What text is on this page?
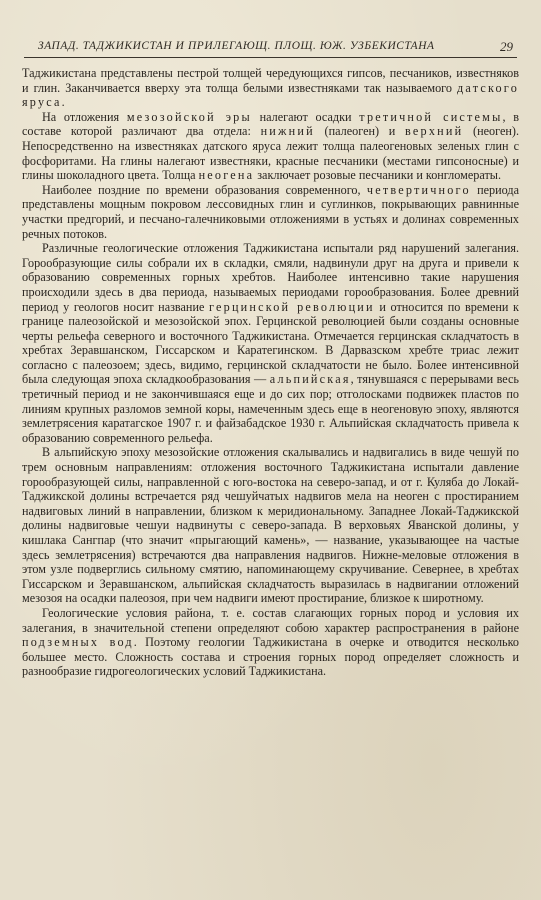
ЗАПАД. ТАДЖИКИСТАН И ПРИЛЕГАЮЩ. ПЛОЩ. ЮЖ. УЗБЕКИСТАНА	29

Таджикистана представлены пестрой толщей чередующихся гипсов, песчаников, известняков и глин. Заканчивается вверху эта толща белыми известняками так называемого датского яруса.

На отложения мезозойской эры налегают осадки третичной системы, в составе которой различают два отдела: нижний (палеоген) и верхний (неоген). Непосредственно на известняках датского яруса лежит толща палеогеновых зеленых глин с фосфоритами. На глины налегают известняки, красные песчаники (местами гипсоносные) и глины шоколадного цвета. Толща неогена заключает розовые песчаники и конгломераты.

Наиболее поздние по времени образования современного, четвертичного периода представлены мощным покровом лессовидных глин и суглинков, покрывающих равнинные участки предгорий, и песчано-галечниковыми отложениями в устьях и долинах современных речных потоков.

Различные геологические отложения Таджикистана испытали ряд нарушений залегания. Горообразующие силы собрали их в складки, смяли, надвинули друг на друга и привели к образованию современных горных хребтов. Наиболее интенсивно такие нарушения происходили здесь в два периода, называемых периодами горообразования. Более древний период у геологов носит название герцинской революции и относится по времени к границе палеозойской и мезозойской эпох. Герцинской революцией были созданы основные черты рельефа северного и восточного Таджикистана. Отмечается герцинская складчатость в хребтах Зеравшанском, Гиссарском и Каратегинском. В Дарвазском хребте триас лежит согласно с палеозоем; здесь, видимо, герцинской складчатости не было. Более интенсивной была следующая эпоха складкообразования — альпийская, тянувшаяся с перерывами весь третичный период и не закончившаяся еще и до сих пор; отголосками подвижек пластов по линиям крупных разломов земной коры, намеченным здесь еще в неогеновую эпоху, являются землетрясения каратагское 1907 г. и файзабадское 1930 г. Альпийская складчатость привела к образованию современного рельефа.

В альпийскую эпоху мезозойские отложения скалывались и надвигались в виде чешуй по трем основным направлениям: отложения восточного Таджикистана испытали давление горообразующей силы, направленной с юго-востока на северо-запад, и от г. Куляба до Локай-Таджикской долины встречается ряд чешуйчатых надвигов мела на неоген с простиранием надвиговых линий в направлении, близком к меридиональному. Западнее Локай-Таджикской долины надвиговые чешуи надвинуты с северо-запада. В верховьях Яванской долины, у кишлака Сангпар (что значит «прыгающий камень», — название, указывающее на частые здесь землетрясения) встречаются два направления надвигов. Нижне-меловые отложения в этом узле подверглись сильному смятию, напоминающему скручивание. Севернее, в хребтах Гиссарском и Зеравшанском, альпийская складчатость выразилась в надвигании отложений мезозоя на осадки палеозоя, при чем надвиги имеют простирание, близкое к широтному.

Геологические условия района, т. е. состав слагающих горных пород и условия их залегания, в значительной степени определяют собою характер распространения в районе подземных вод. Поэтому геологии Таджикистана в очерке и отводится несколько большее место. Сложность состава и строения горных пород определяет сложность и разнообразие гидрогеологических условий Таджикистана.
